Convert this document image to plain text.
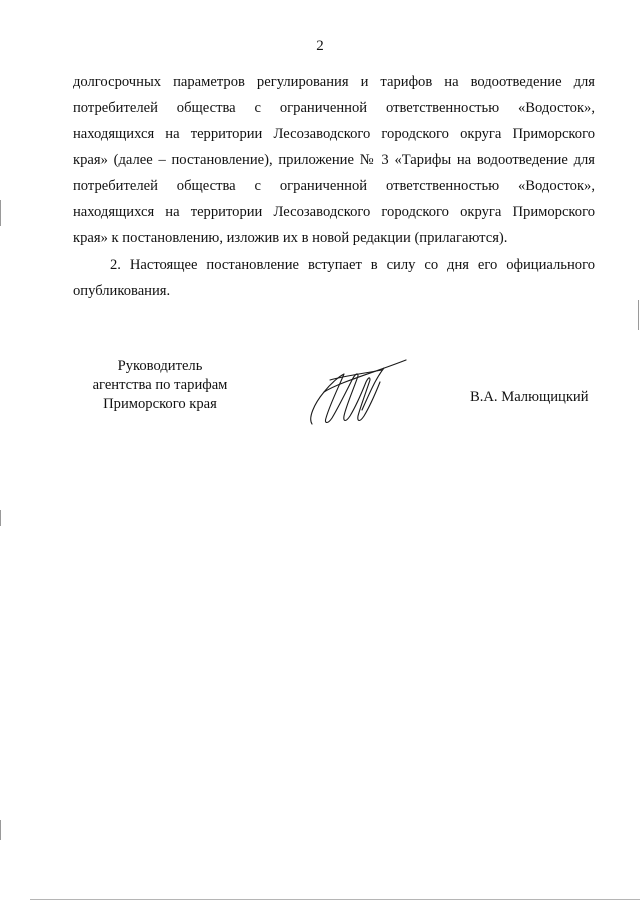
2
долгосрочных параметров регулирования и тарифов на водоотведение для
потребителей общества с ограниченной ответственностью «Водосток»,
находящихся на территории Лесозаводского городского округа Приморского
края» (далее – постановление), приложение № 3 «Тарифы на водоотведение для
потребителей общества с ограниченной ответственностью «Водосток»,
находящихся на территории Лесозаводского городского округа Приморского
края» к постановлению, изложив их в новой редакции (прилагаются).
2. Настоящее постановление вступает в силу со дня его официального
опубликования.
Руководитель
агентства по тарифам
Приморского края	В.А. Малющицкий
